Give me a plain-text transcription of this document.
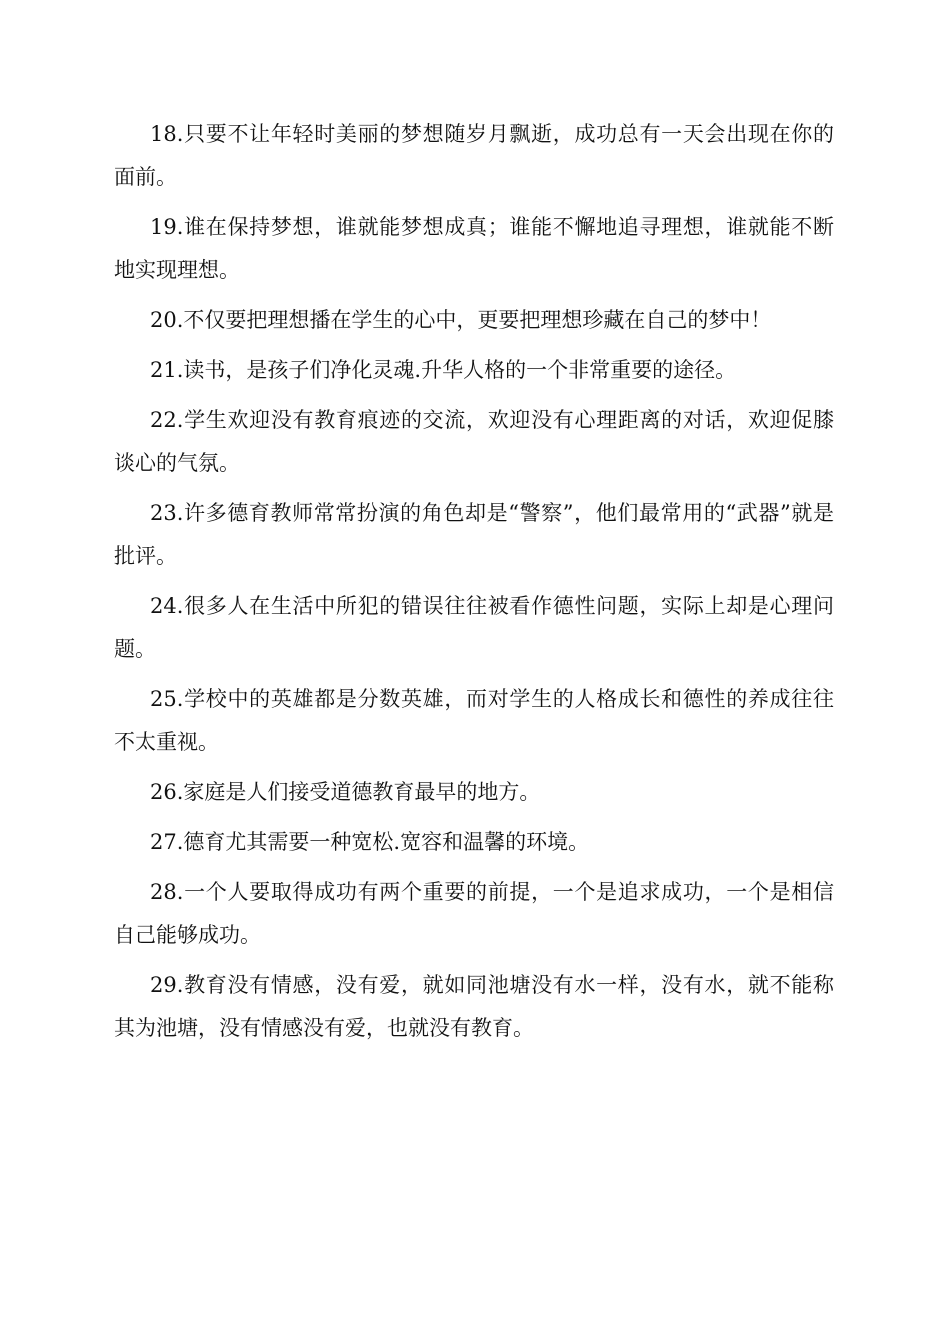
18.只要不让年轻时美丽的梦想随岁月飘逝，成功总有一天会出现在你的面前。

19.谁在保持梦想，谁就能梦想成真；谁能不懈地追寻理想，谁就能不断地实现理想。

20.不仅要把理想播在学生的心中，更要把理想珍藏在自己的梦中！

21.读书，是孩子们净化灵魂.升华人格的一个非常重要的途径。

22.学生欢迎没有教育痕迹的交流，欢迎没有心理距离的对话，欢迎促膝谈心的气氛。

23.许多德育教师常常扮演的角色却是“警察”，他们最常用的“武器”就是批评。

24.很多人在生活中所犯的错误往往被看作德性问题，实际上却是心理问题。

25.学校中的英雄都是分数英雄，而对学生的人格成长和德性的养成往往不太重视。

26.家庭是人们接受道德教育最早的地方。

27.德育尤其需要一种宽松.宽容和温馨的环境。

28.一个人要取得成功有两个重要的前提，一个是追求成功，一个是相信自己能够成功。

29.教育没有情感，没有爱，就如同池塘没有水一样，没有水，就不能称其为池塘，没有情感没有爱，也就没有教育。
